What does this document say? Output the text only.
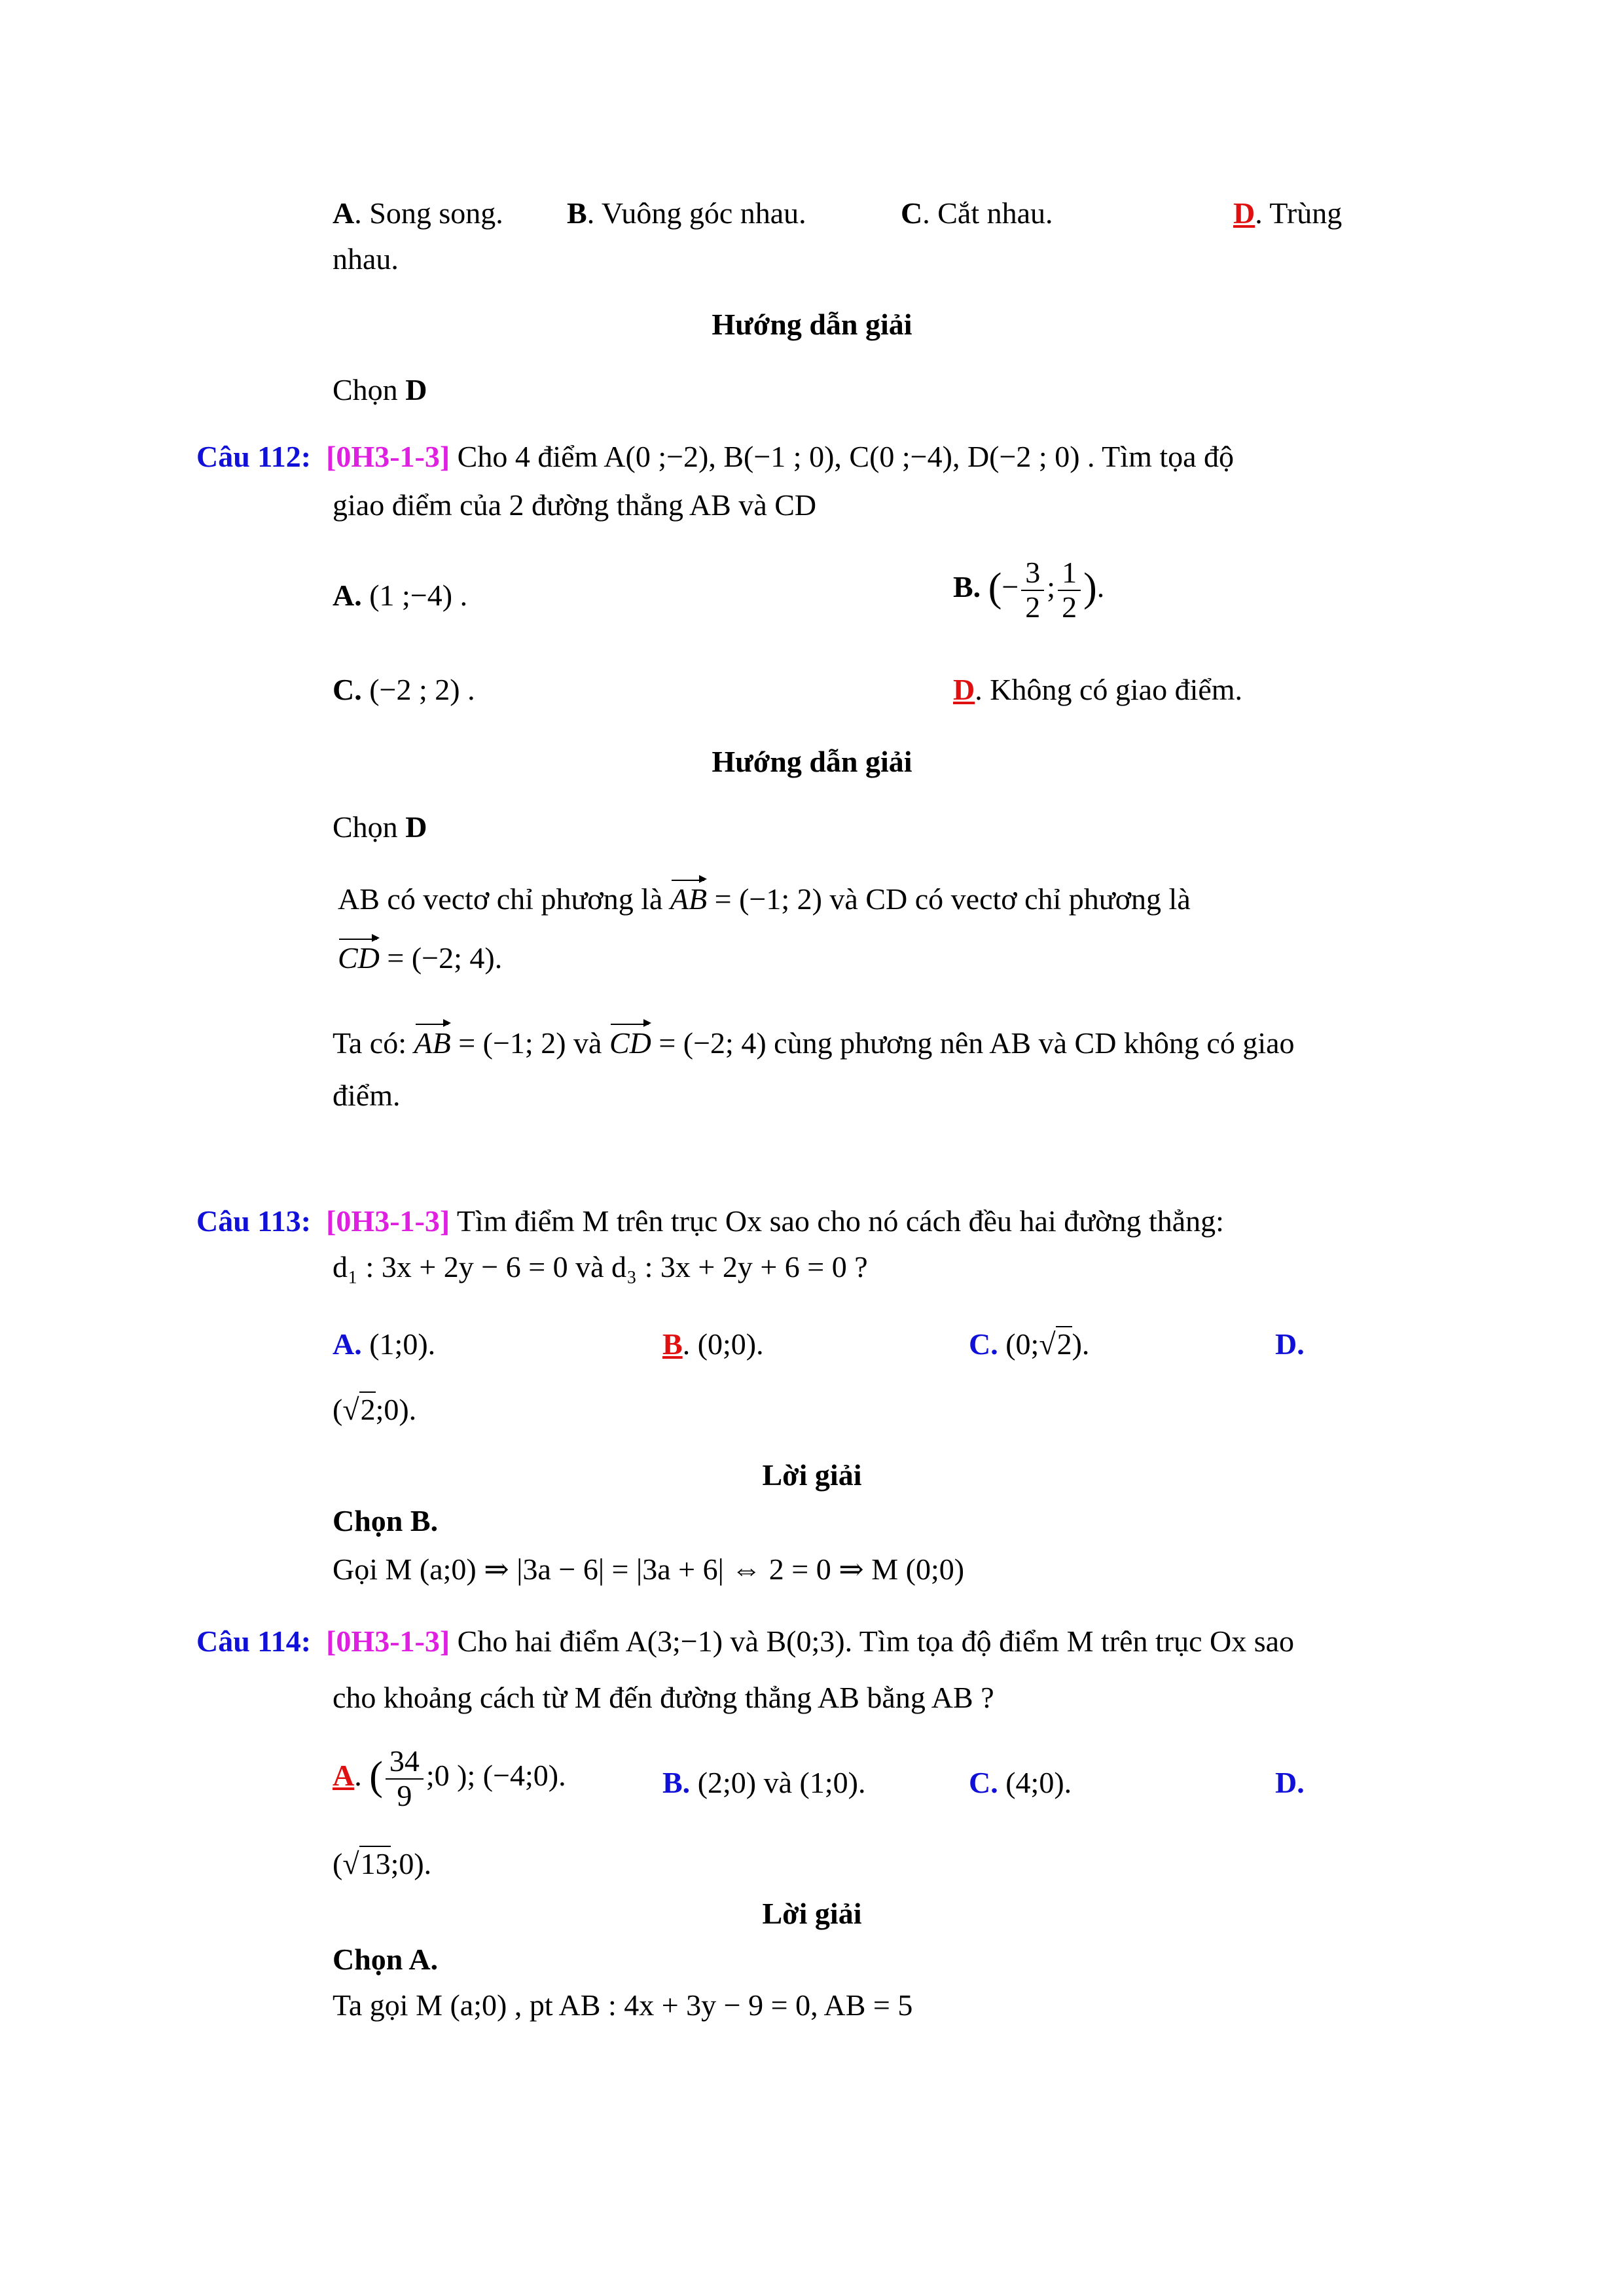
A. Song song. B. Vuông góc nhau.	C. Cắt nhau.	D. Trùng
nhau.
Hướng dẫn giải
Chọn D
Câu 112: [0H3-1-3] Cho 4 điểm A(0 ;−2), B(−1 ; 0), C(0 ;−4), D(−2 ; 0) . Tìm tọa độ
giao điểm của 2 đường thẳng AB và CD
A. (1 ;−4) .	B. (− $\frac{3}{2}$ ; $\frac{1}{2}$ ).
C. (−2 ; 2) .	D. Không có giao điểm.
Hướng dẫn giải
Chọn D
AB có vectơ chỉ phương là AB = (−1; 2) và CD có vectơ chỉ phương là
CD = (−2; 4).
Ta có: AB = (−1; 2) và CD = (−2; 4) cùng phương nên AB và CD không có giao
điểm.
Câu 113: [0H3-1-3] Tìm điểm M trên trục Ox sao cho nó cách đều hai đường thẳng:
d₁ : 3x + 2y − 6 = 0 và d₃ : 3x + 2y + 6 = 0 ?
A. (1;0).	B. (0;0).	C. (0;√2).	D.
(√2;0).
Lời giải
Chọn B.
Gọi M (a;0) ⇒ |3a − 6| = |3a + 6| ⇔ 2 = 0 ⇒ M (0;0)
Câu 114: [0H3-1-3] Cho hai điểm A(3;−1) và B(0;3). Tìm tọa độ điểm M trên trục Ox sao
cho khoảng cách từ M đến đường thẳng AB bằng AB ?
A. ( $\frac{34}{9}$ ;0 ); (−4;0).	B. (2;0) và (1;0).	C. (4;0).	D.
(√13;0).
Lời giải
Chọn A.
Ta gọi M (a;0) , pt AB : 4x + 3y − 9 = 0, AB = 5
